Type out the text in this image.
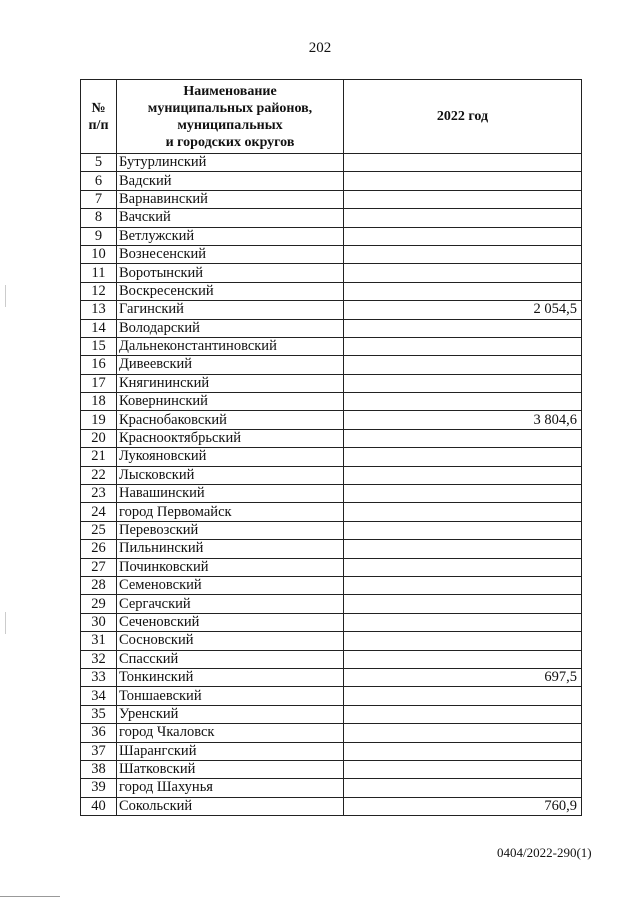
202
№
п/п	Наименование
муниципальных районов,
муниципальных
и городских округов	2022 год
5	Бутурлинский	
6	Вадский	
7	Варнавинский	
8	Вачский	
9	Ветлужский	
10	Вознесенский	
11	Воротынский	
12	Воскресенский	
13	Гагинский	2 054,5
14	Володарский	
15	Дальнеконстантиновский	
16	Дивеевский	
17	Княгининский	
18	Ковернинский	
19	Краснобаковский	3 804,6
20	Краснооктябрьский	
21	Лукояновский	
22	Лысковский	
23	Навашинский	
24	город Первомайск	
25	Перевозский	
26	Пильнинский	
27	Починковский	
28	Семеновский	
29	Сергачский	
30	Сеченовский	
31	Сосновский	
32	Спасский	
33	Тонкинский	697,5
34	Тоншаевский	
35	Уренский	
36	город Чкаловск	
37	Шарангский	
38	Шатковский	
39	город Шахунья	
40	Сокольский	760,9
0404/2022-290(1)
